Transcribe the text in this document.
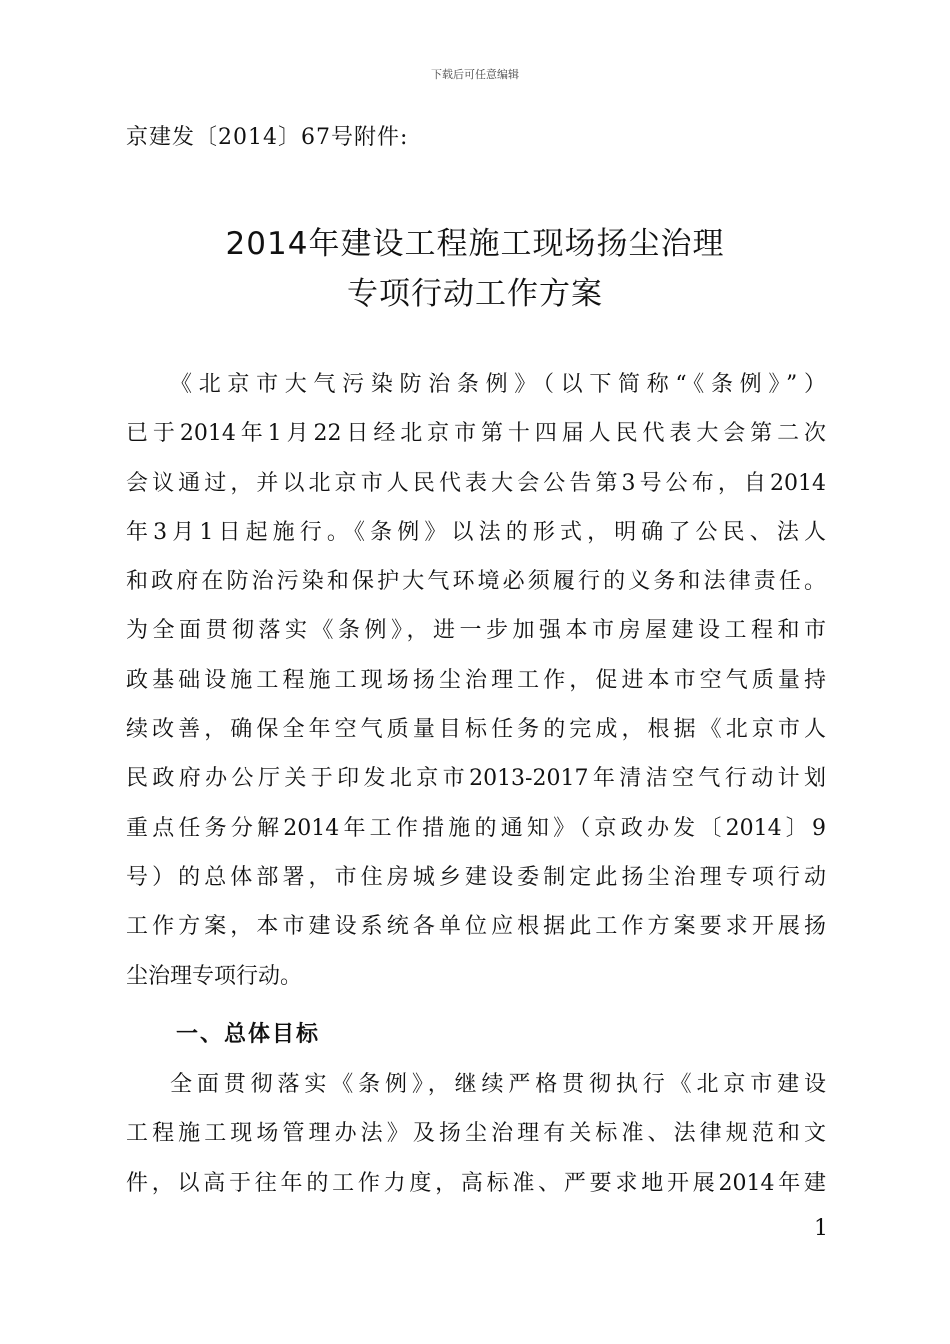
下载后可任意编辑
京建发〔2014〕67号附件:
2014年建设工程施工现场扬尘治理
专项行动工作方案
《北京市大气污染防治条例》（以下简称“《条例》”）
已于2014年1月22日经北京市第十四届人民代表大会第二次
会议通过，并以北京市人民代表大会公告第3号公布，自2014
年3月1日起施行。《条例》以法的形式，明确了公民、法人
和政府在防治污染和保护大气环境必须履行的义务和法律责任。
为全面贯彻落实《条例》，进一步加强本市房屋建设工程和市
政基础设施工程施工现场扬尘治理工作，促进本市空气质量持
续改善，确保全年空气质量目标任务的完成，根据《北京市人
民政府办公厅关于印发北京市2013-2017年清洁空气行动计划
重点任务分解2014年工作措施的通知》（京政办发〔2014〕9
号）的总体部署，市住房城乡建设委制定此扬尘治理专项行动
工作方案，本市建设系统各单位应根据此工作方案要求开展扬
尘治理专项行动。
一、总体目标
全面贯彻落实《条例》，继续严格贯彻执行《北京市建设
工程施工现场管理办法》及扬尘治理有关标准、法律规范和文
件，以高于往年的工作力度，高标准、严要求地开展2014年建
1
